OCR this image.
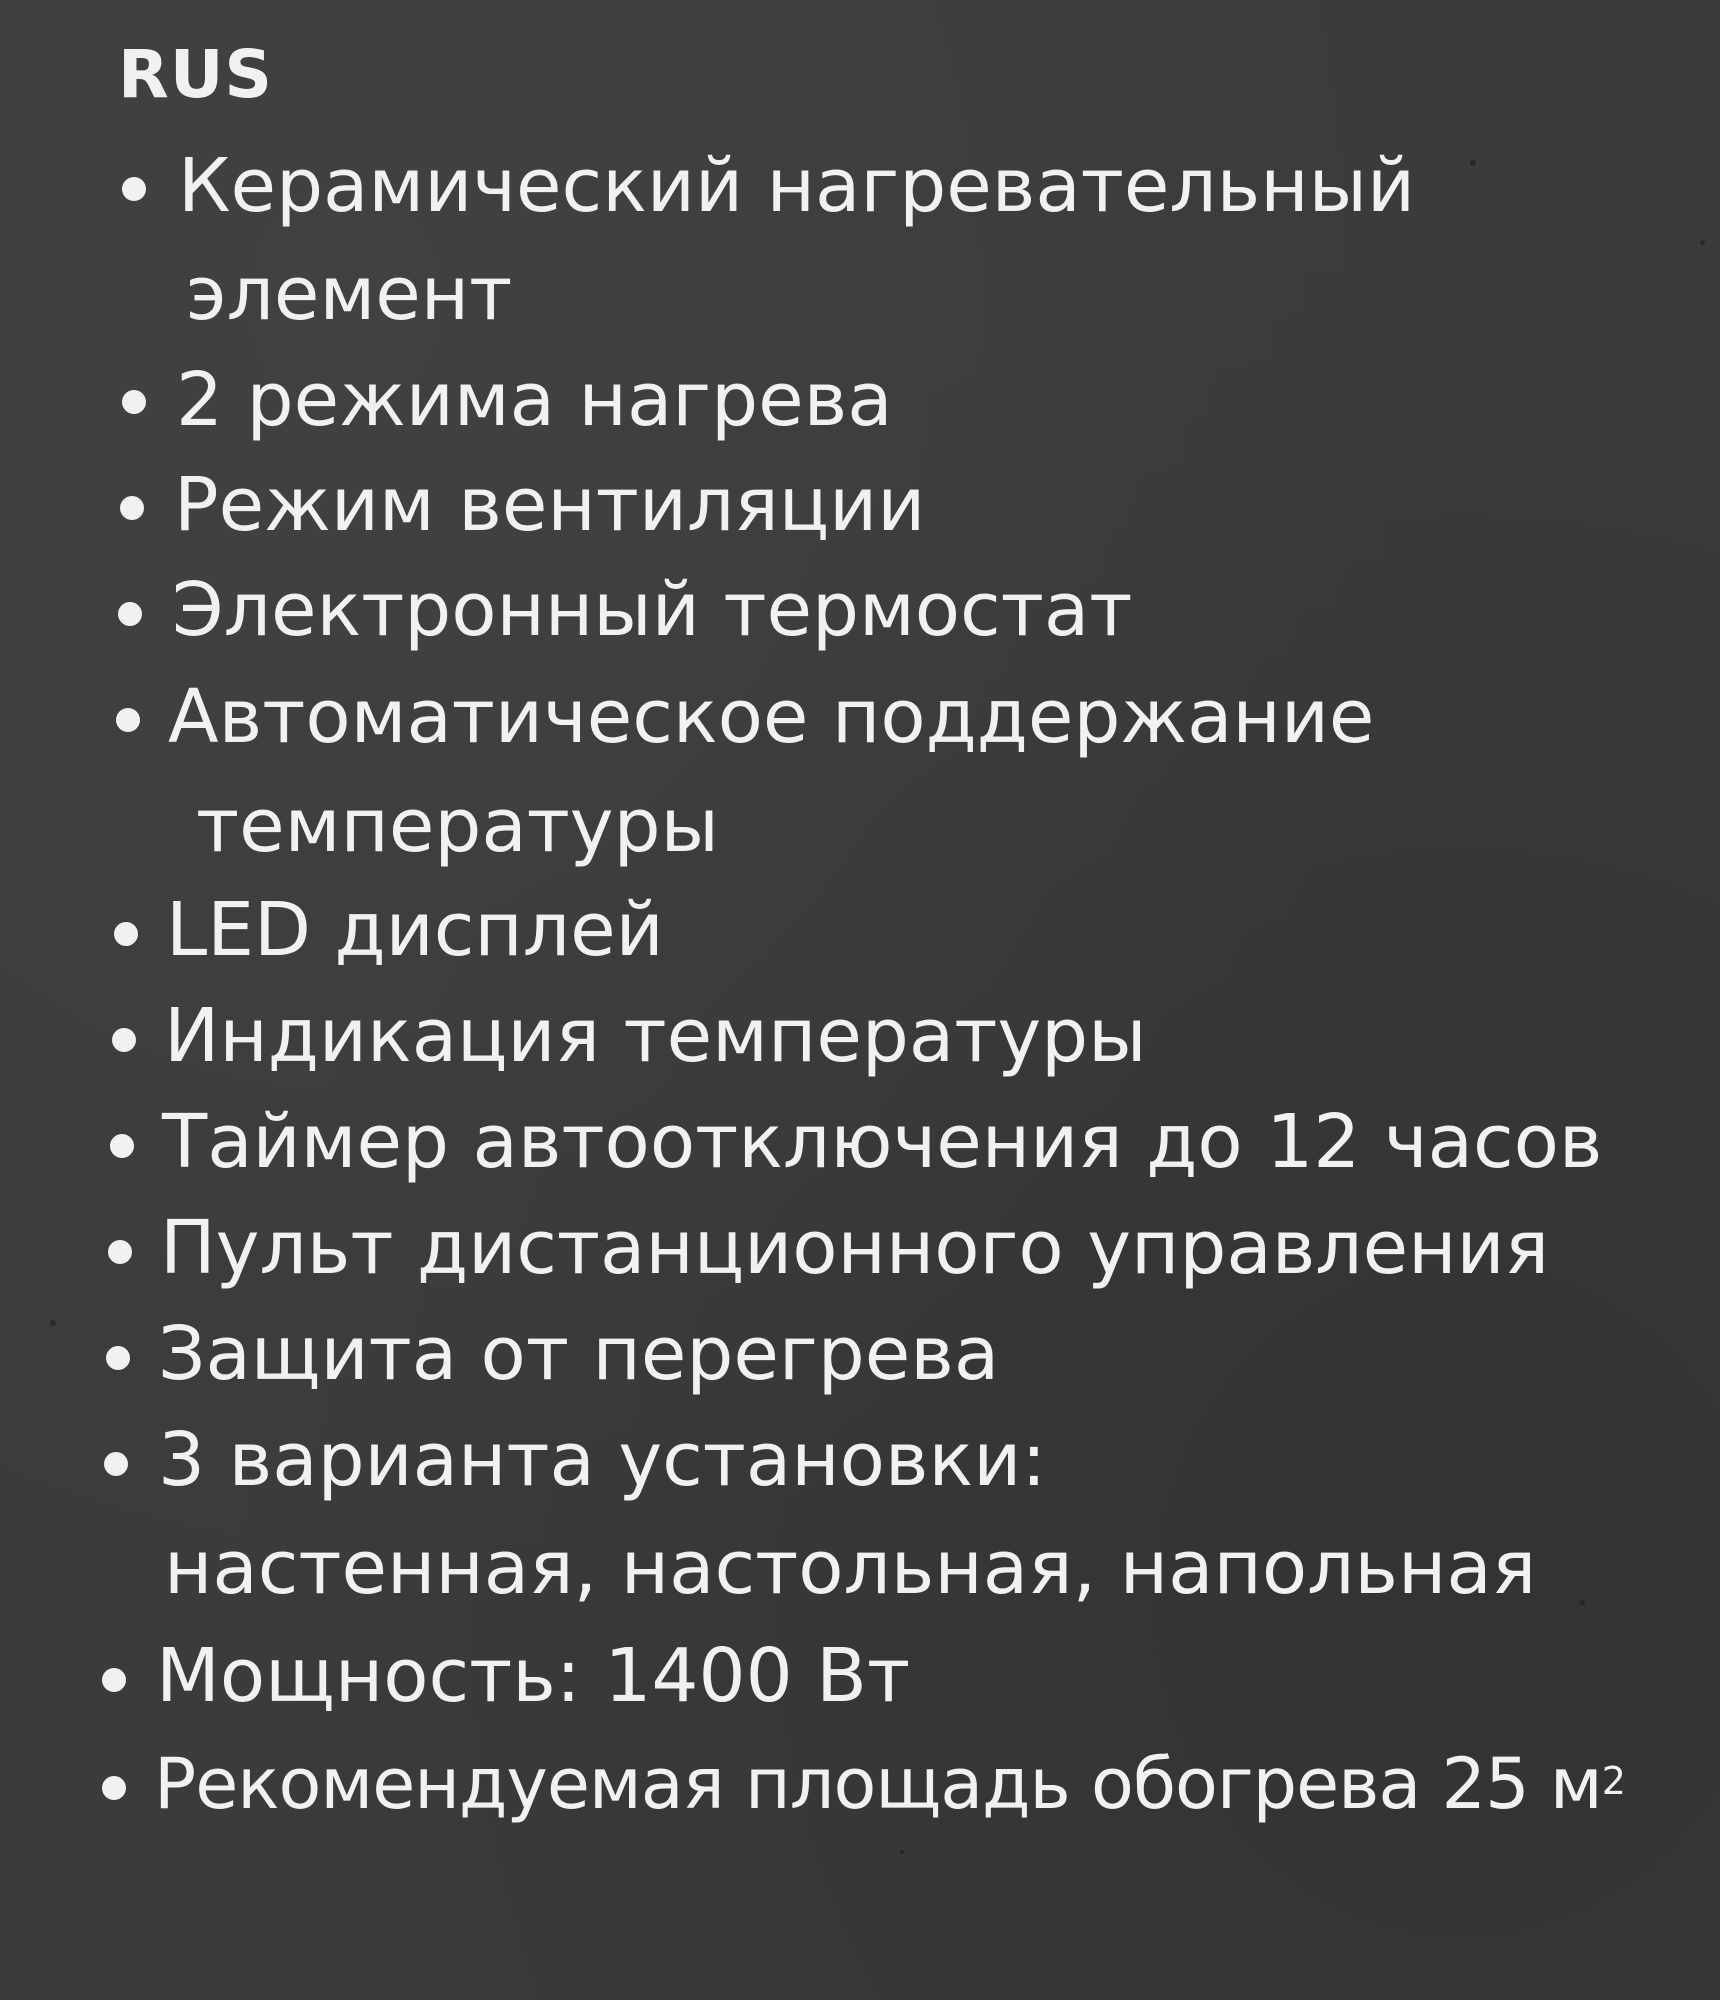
RUS
Керамический нагревательный
элемент
2 режима нагрева
Режим вентиляции
Электронный термостат
Автоматическое поддержание
температуры
LED дисплей
Индикация температуры
Таймер автоотключения до 12 часов
Пульт дистанционного управления
Защита от перегрева
3 варианта установки:
настенная, настольная, напольная
Мощность: 1400 Вт
Рекомендуемая площадь обогрева 25 $м^2$
